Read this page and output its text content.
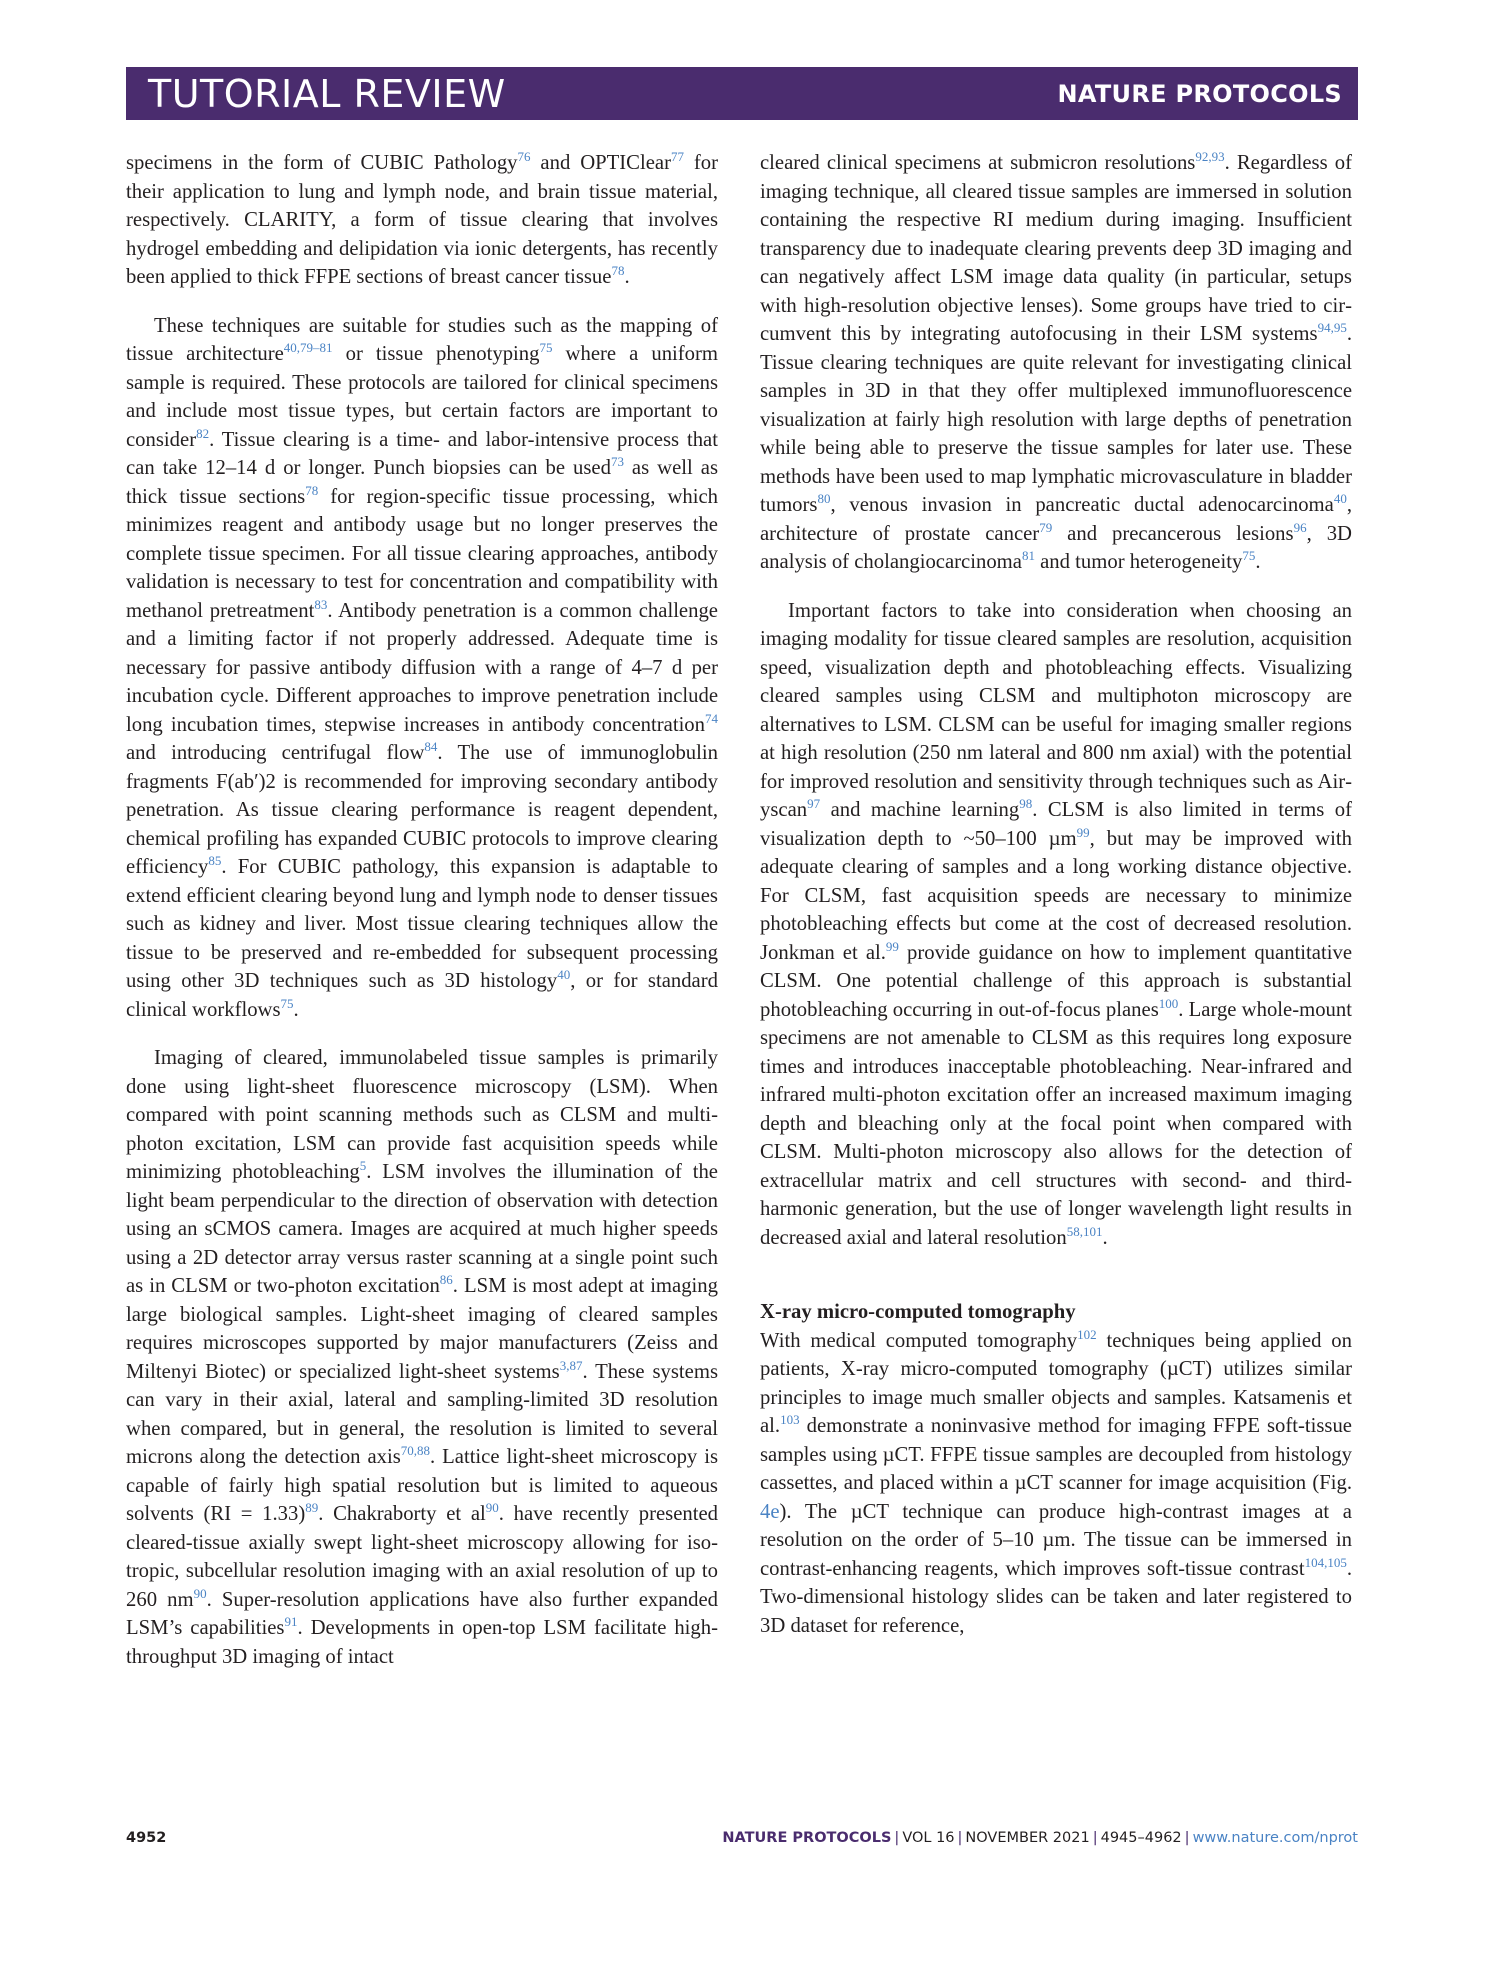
TUTORIAL REVIEW	NATURE PROTOCOLS

specimens in the form of CUBIC Pathology$^{76}$ and OPTIClear$^{77}$ for their application to lung and lymph node, and brain tissue material, respectively. CLARITY, a form of tissue clearing that involves hydrogel embedding and delipidation via ionic detergents, has recently been applied to thick FFPE sections of breast cancer tissue$^{78}$.

These techniques are suitable for studies such as the mapping of tissue architecture$^{40,79-81}$ or tissue phenotyping$^{75}$ where a uniform sample is required. These protocols are tailored for clinical specimens and include most tissue types, but certain factors are important to consider$^{82}$. Tissue clearing is a time- and labor-intensive process that can take 12–14 d or longer. Punch biopsies can be used$^{73}$ as well as thick tissue sections$^{78}$ for region-specific tissue processing, which minimizes reagent and antibody usage but no longer preserves the complete tissue specimen. For all tissue clearing approaches, antibody validation is necessary to test for concentration and compatibility with methanol pretreatment$^{83}$. Antibody penetration is a common challenge and a limiting factor if not properly addressed. Adequate time is necessary for passive antibody diffusion with a range of 4–7 d per incubation cycle. Different approaches to improve penetration include long incubation times, stepwise increases in antibody concentration$^{74}$ and introducing centrifugal flow$^{84}$. The use of immunoglobulin fragments F(ab′)2 is recommended for improving secondary antibody penetration. As tissue clearing performance is reagent dependent, chemical profiling has expanded CUBIC protocols to improve clearing efficiency$^{85}$. For CUBIC pathology, this expansion is adaptable to extend efficient clearing beyond lung and lymph node to denser tissues such as kidney and liver. Most tissue clearing techniques allow the tissue to be preserved and re-embedded for subsequent processing using other 3D techniques such as 3D histology$^{40}$, or for standard clinical workflows$^{75}$.

Imaging of cleared, immunolabeled tissue samples is primarily done using light-sheet fluorescence microscopy (LSM). When compared with point scanning methods such as CLSM and multi-photon excitation, LSM can provide fast acquisition speeds while minimizing photobleaching$^5$. LSM involves the illumination of the light beam perpendicular to the direction of observation with detection using an sCMOS camera. Images are acquired at much higher speeds using a 2D detector array versus raster scanning at a single point such as in CLSM or two-photon excitation$^{86}$. LSM is most adept at imaging large biological samples. Light-sheet imaging of cleared samples requires microscopes supported by major manufacturers (Zeiss and Miltenyi Biotec) or specialized light-sheet systems$^{3,87}$. These systems can vary in their axial, lateral and sampling-limited 3D resolution when compared, but in general, the resolution is limited to several microns along the detection axis$^{70,88}$. Lattice light-sheet microscopy is capable of fairly high spatial resolution but is limited to aqueous solvents (RI = 1.33)$^{89}$. Chakraborty et $al^{90}$. have recently presented cleared-tissue axially swept light-sheet microscopy allowing for isotropic, subcellular resolution imaging with an axial resolution of up to 260 $nm^{90}$. Super-resolution applications have also further expanded LSM’s capabilities$^{91}$. Developments in open-top LSM facilitate high-throughput 3D imaging of intact

cleared clinical specimens at submicron resolutions$^{92,93}$. Regardless of imaging technique, all cleared tissue samples are immersed in solution containing the respective RI medium during imaging. Insufficient transparency due to inadequate clearing prevents deep 3D imaging and can negatively affect LSM image data quality (in particular, setups with high-resolution objective lenses). Some groups have tried to circumvent this by integrating autofocusing in their LSM systems$^{94,95}$. Tissue clearing techniques are quite relevant for investigating clinical samples in 3D in that they offer multiplexed immunofluorescence visualization at fairly high resolution with large depths of penetration while being able to preserve the tissue samples for later use. These methods have been used to map lymphatic microvasculature in bladder tumors$^{80}$, venous invasion in pancreatic ductal adenocarcinoma$^{40}$, architecture of prostate cancer$^{79}$ and precancerous lesions$^{96}$, 3D analysis of cholangiocarcinoma$^{81}$ and tumor heterogeneity$^{75}$.

Important factors to take into consideration when choosing an imaging modality for tissue cleared samples are resolution, acquisition speed, visualization depth and photobleaching effects. Visualizing cleared samples using CLSM and multiphoton microscopy are alternatives to LSM. CLSM can be useful for imaging smaller regions at high resolution (250 nm lateral and 800 nm axial) with the potential for improved resolution and sensitivity through techniques such as Airyscan$^{97}$ and machine learning$^{98}$. CLSM is also limited in terms of visualization depth to ~50–100 µm$^{99}$, but may be improved with adequate clearing of samples and a long working distance objective. For CLSM, fast acquisition speeds are necessary to minimize photobleaching effects but come at the cost of decreased resolution. Jonkman et al.$^{99}$ provide guidance on how to implement quantitative CLSM. One potential challenge of this approach is substantial photobleaching occurring in out-of-focus planes$^{100}$. Large whole-mount specimens are not amenable to CLSM as this requires long exposure times and introduces inacceptable photobleaching. Near-infrared and infrared multi-photon excitation offer an increased maximum imaging depth and bleaching only at the focal point when compared with CLSM. Multi-photon microscopy also allows for the detection of extracellular matrix and cell structures with second- and third-harmonic generation, but the use of longer wavelength light results in decreased axial and lateral resolution$^{58,101}$.

X-ray micro-computed tomography

With medical computed tomography$^{102}$ techniques being applied on patients, X-ray micro-computed tomography (µCT) utilizes similar principles to image much smaller objects and samples. Katsamenis et al.$^{103}$ demonstrate a noninvasive method for imaging FFPE soft-tissue samples using µCT. FFPE tissue samples are decoupled from histology cassettes, and placed within a µCT scanner for image acquisition (Fig. 4e). The µCT technique can produce high-contrast images at a resolution on the order of 5–10 µm. The tissue can be immersed in contrast-enhancing reagents, which improves soft-tissue contrast$^{104,105}$. Two-dimensional histology slides can be taken and later registered to 3D dataset for reference,

4952	NATURE PROTOCOLS | VOL 16 | NOVEMBER 2021 | 4945–4962 | www.nature.com/nprot
